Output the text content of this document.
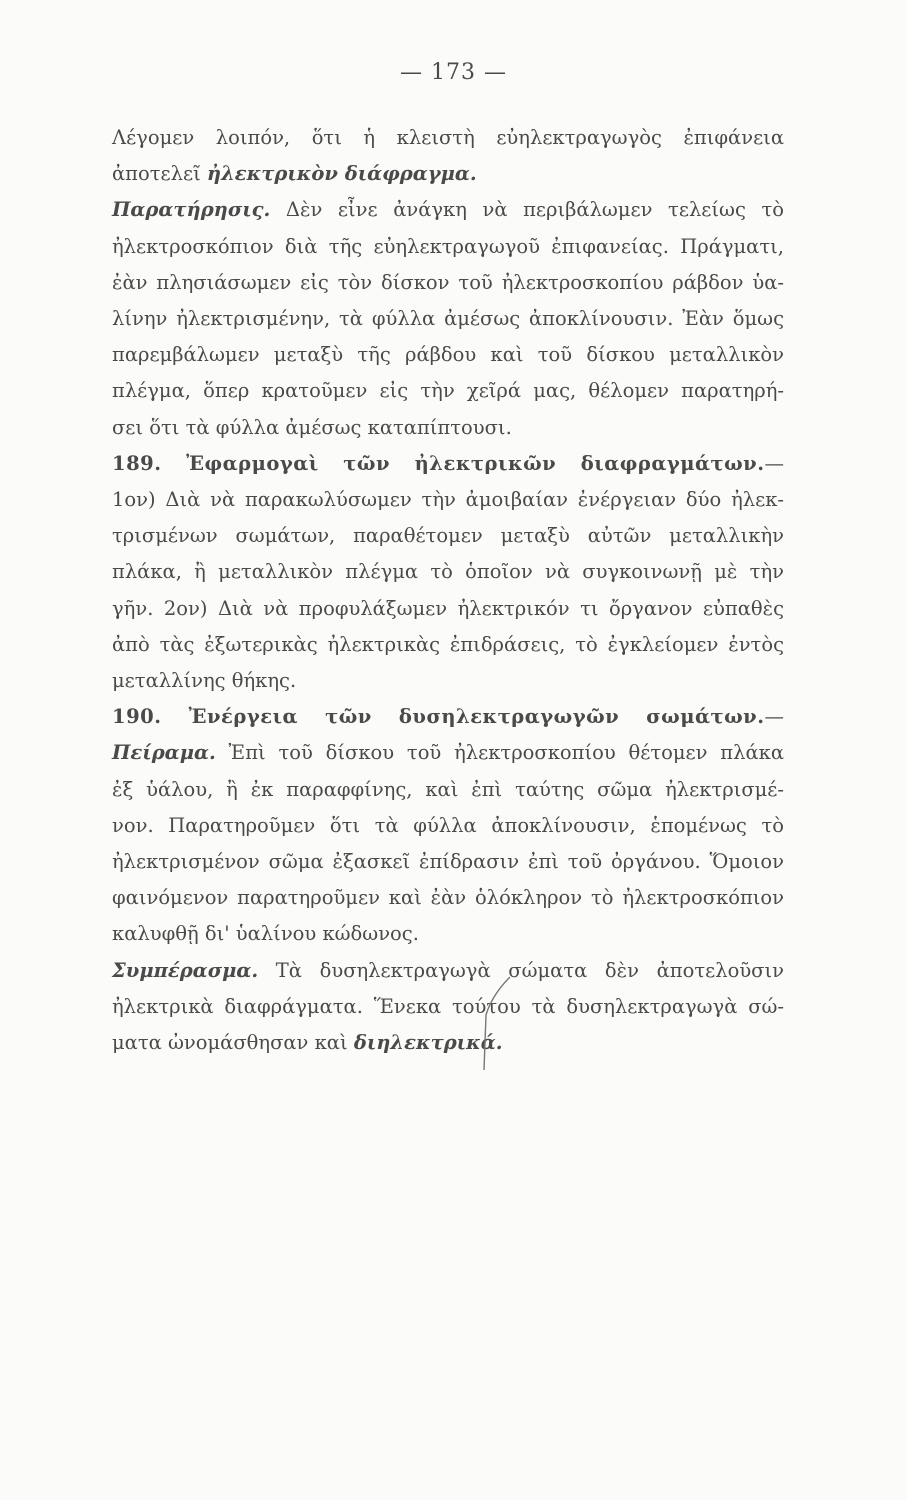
— 173 —
Λέγομεν λοιπόν, ὅτι ἡ κλειστὴ εὐηλεκτραγωγὸς ἐπιφάνεια
ἀποτελεῖ ἠλεκτρικὸν διάφραγμα.
Παρατήρησις. Δὲν εἶνε ἀνάγκη νὰ περιβάλωμεν τελείως τὸ
ἠλεκτροσκόπιον διὰ τῆς εὐηλεκτραγωγοῦ ἐπιφανείας. Πράγματι,
ἐὰν πλησιάσωμεν εἰς τὸν δίσκον τοῦ ἠλεκτροσκοπίου ράβδον ὑα-
λίνην ἠλεκτρισμένην, τὰ φύλλα ἀμέσως ἀποκλίνουσιν. Ἐὰν ὅμως
παρεμβάλωμεν μεταξὺ τῆς ράβδου καὶ τοῦ δίσκου μεταλλικὸν
πλέγμα, ὅπερ κρατοῦμεν εἰς τὴν χεῖρά μας, θέλομεν παρατηρή-
σει ὅτι τὰ φύλλα ἀμέσως καταπίπτουσι.
189. Ἐφαρμογαὶ τῶν ἠλεκτρικῶν διαφραγμάτων.—
1ον) Διὰ νὰ παρακωλύσωμεν τὴν ἀμοιβαίαν ἐνέργειαν δύο ἠλεκ-
τρισμένων σωμάτων, παραθέτομεν μεταξὺ αὐτῶν μεταλλικὴν
πλάκα, ἢ μεταλλικὸν πλέγμα τὸ ὁποῖον νὰ συγκοινωνῇ μὲ τὴν
γῆν. 2ον) Διὰ νὰ προφυλάξωμεν ἠλεκτρικόν τι ὄργανον εὐπαθὲς
ἀπὸ τὰς ἐξωτερικὰς ἠλεκτρικὰς ἐπιδράσεις, τὸ ἐγκλείομεν ἐντὸς
μεταλλίνης θήκης.
190. Ἐνέργεια τῶν δυσηλεκτραγωγῶν σωμάτων.—
Πείραμα. Ἐπὶ τοῦ δίσκου τοῦ ἠλεκτροσκοπίου θέτομεν πλάκα
ἐξ ὑάλου, ἢ ἐκ παραφφίνης, καὶ ἐπὶ ταύτης σῶμα ἠλεκτρισμέ-
νον. Παρατηροῦμεν ὅτι τὰ φύλλα ἀποκλίνουσιν, ἑπομένως τὸ
ἠλεκτρισμένον σῶμα ἐξασκεῖ ἐπίδρασιν ἐπὶ τοῦ ὀργάνου. Ὅμοιον
φαινόμενον παρατηροῦμεν καὶ ἐὰν ὁλόκληρον τὸ ἠλεκτροσκόπιον
καλυφθῇ δι' ὑαλίνου κώδωνος.
Συμπέρασμα. Τὰ δυσηλεκτραγωγὰ σώματα δὲν ἀποτελοῦσιν
ἠλεκτρικὰ διαφράγματα. Ἕνεκα τούτου τὰ δυσηλεκτραγωγὰ σώ-
ματα ὠνομάσθησαν καὶ διηλεκτρικά.
